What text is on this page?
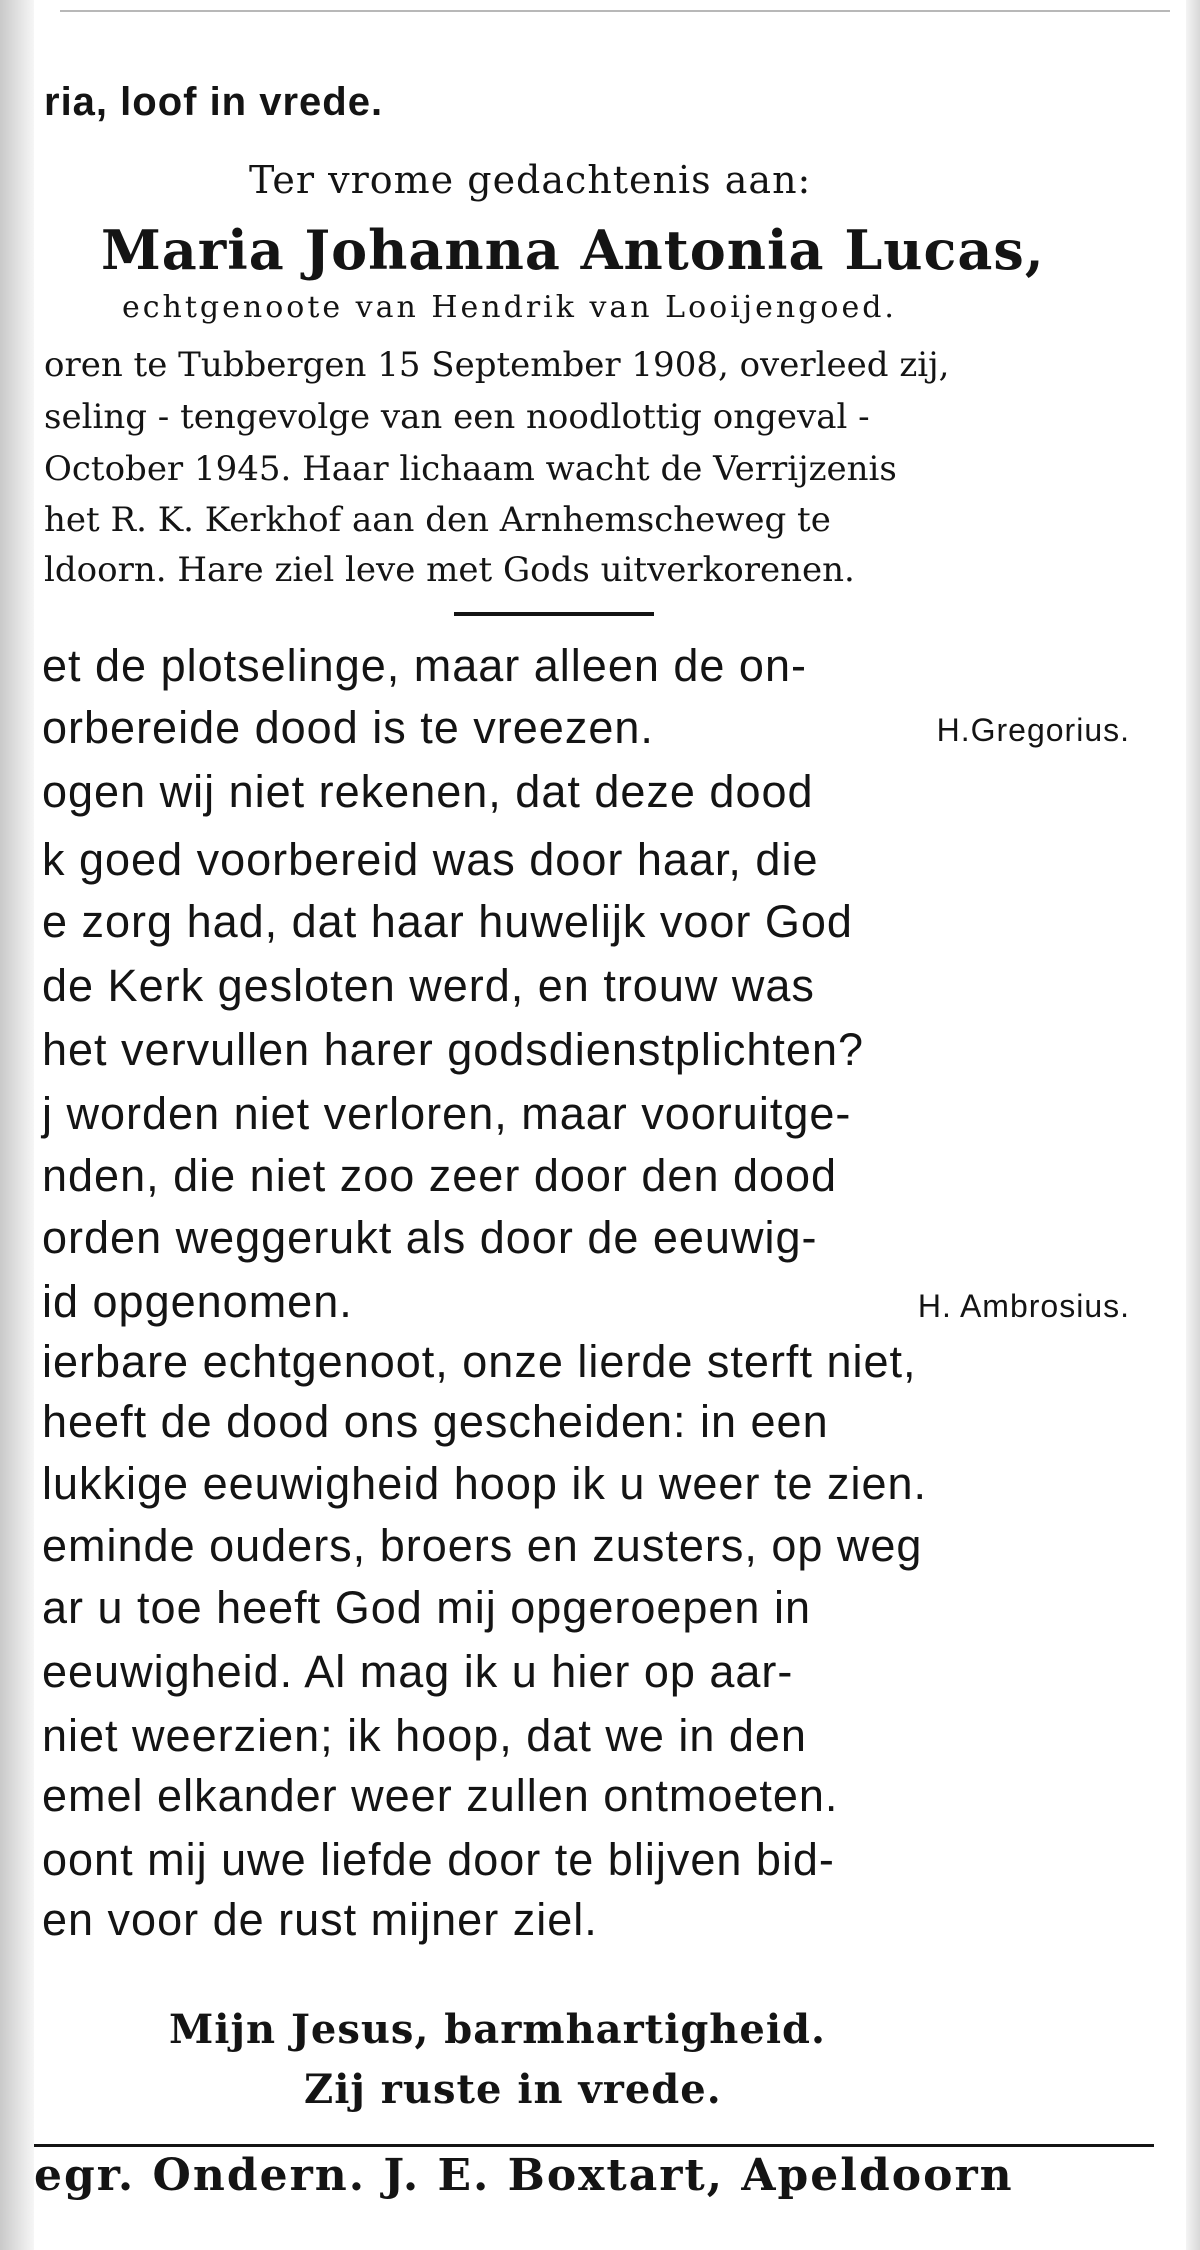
ria, loof in vrede.

Ter vrome gedachtenis aan:

Maria Johanna Antonia Lucas,

echtgenoote van Hendrik van Looijengoed.

oren te Tubbergen 15 September 1908, overleed zij,

seling - tengevolge van een noodlottig ongeval -

October 1945. Haar lichaam wacht de Verrijzenis

het R. K. Kerkhof aan den Arnhemscheweg te

ldoorn. Hare ziel leve met Gods uitverkorenen.

et de plotselinge, maar alleen de on-

orbereide dood is te vreezen.	H.Gregorius.

ogen wij niet rekenen, dat deze dood

k goed voorbereid was door haar, die

e zorg had, dat haar huwelijk voor God

de Kerk gesloten werd, en trouw was

het vervullen harer godsdienstplichten?

j worden niet verloren, maar vooruitge-

nden, die niet zoo zeer door den dood

orden weggerukt als door de eeuwig-

id opgenomen.	H. Ambrosius.

ierbare echtgenoot, onze lierde sterft niet,

heeft de dood ons gescheiden: in een

lukkige eeuwigheid hoop ik u weer te zien.

eminde ouders, broers en zusters, op weg

ar u toe heeft God mij opgeroepen in

eeuwigheid. Al mag ik u hier op aar-

niet weerzien; ik hoop, dat we in den

emel elkander weer zullen ontmoeten.

oont mij uwe liefde door te blijven bid-

en voor de rust mijner ziel.

Mijn Jesus, barmhartigheid.

Zij ruste in vrede.

egr. Ondern. J. E. Boxtart, Apeldoorn
